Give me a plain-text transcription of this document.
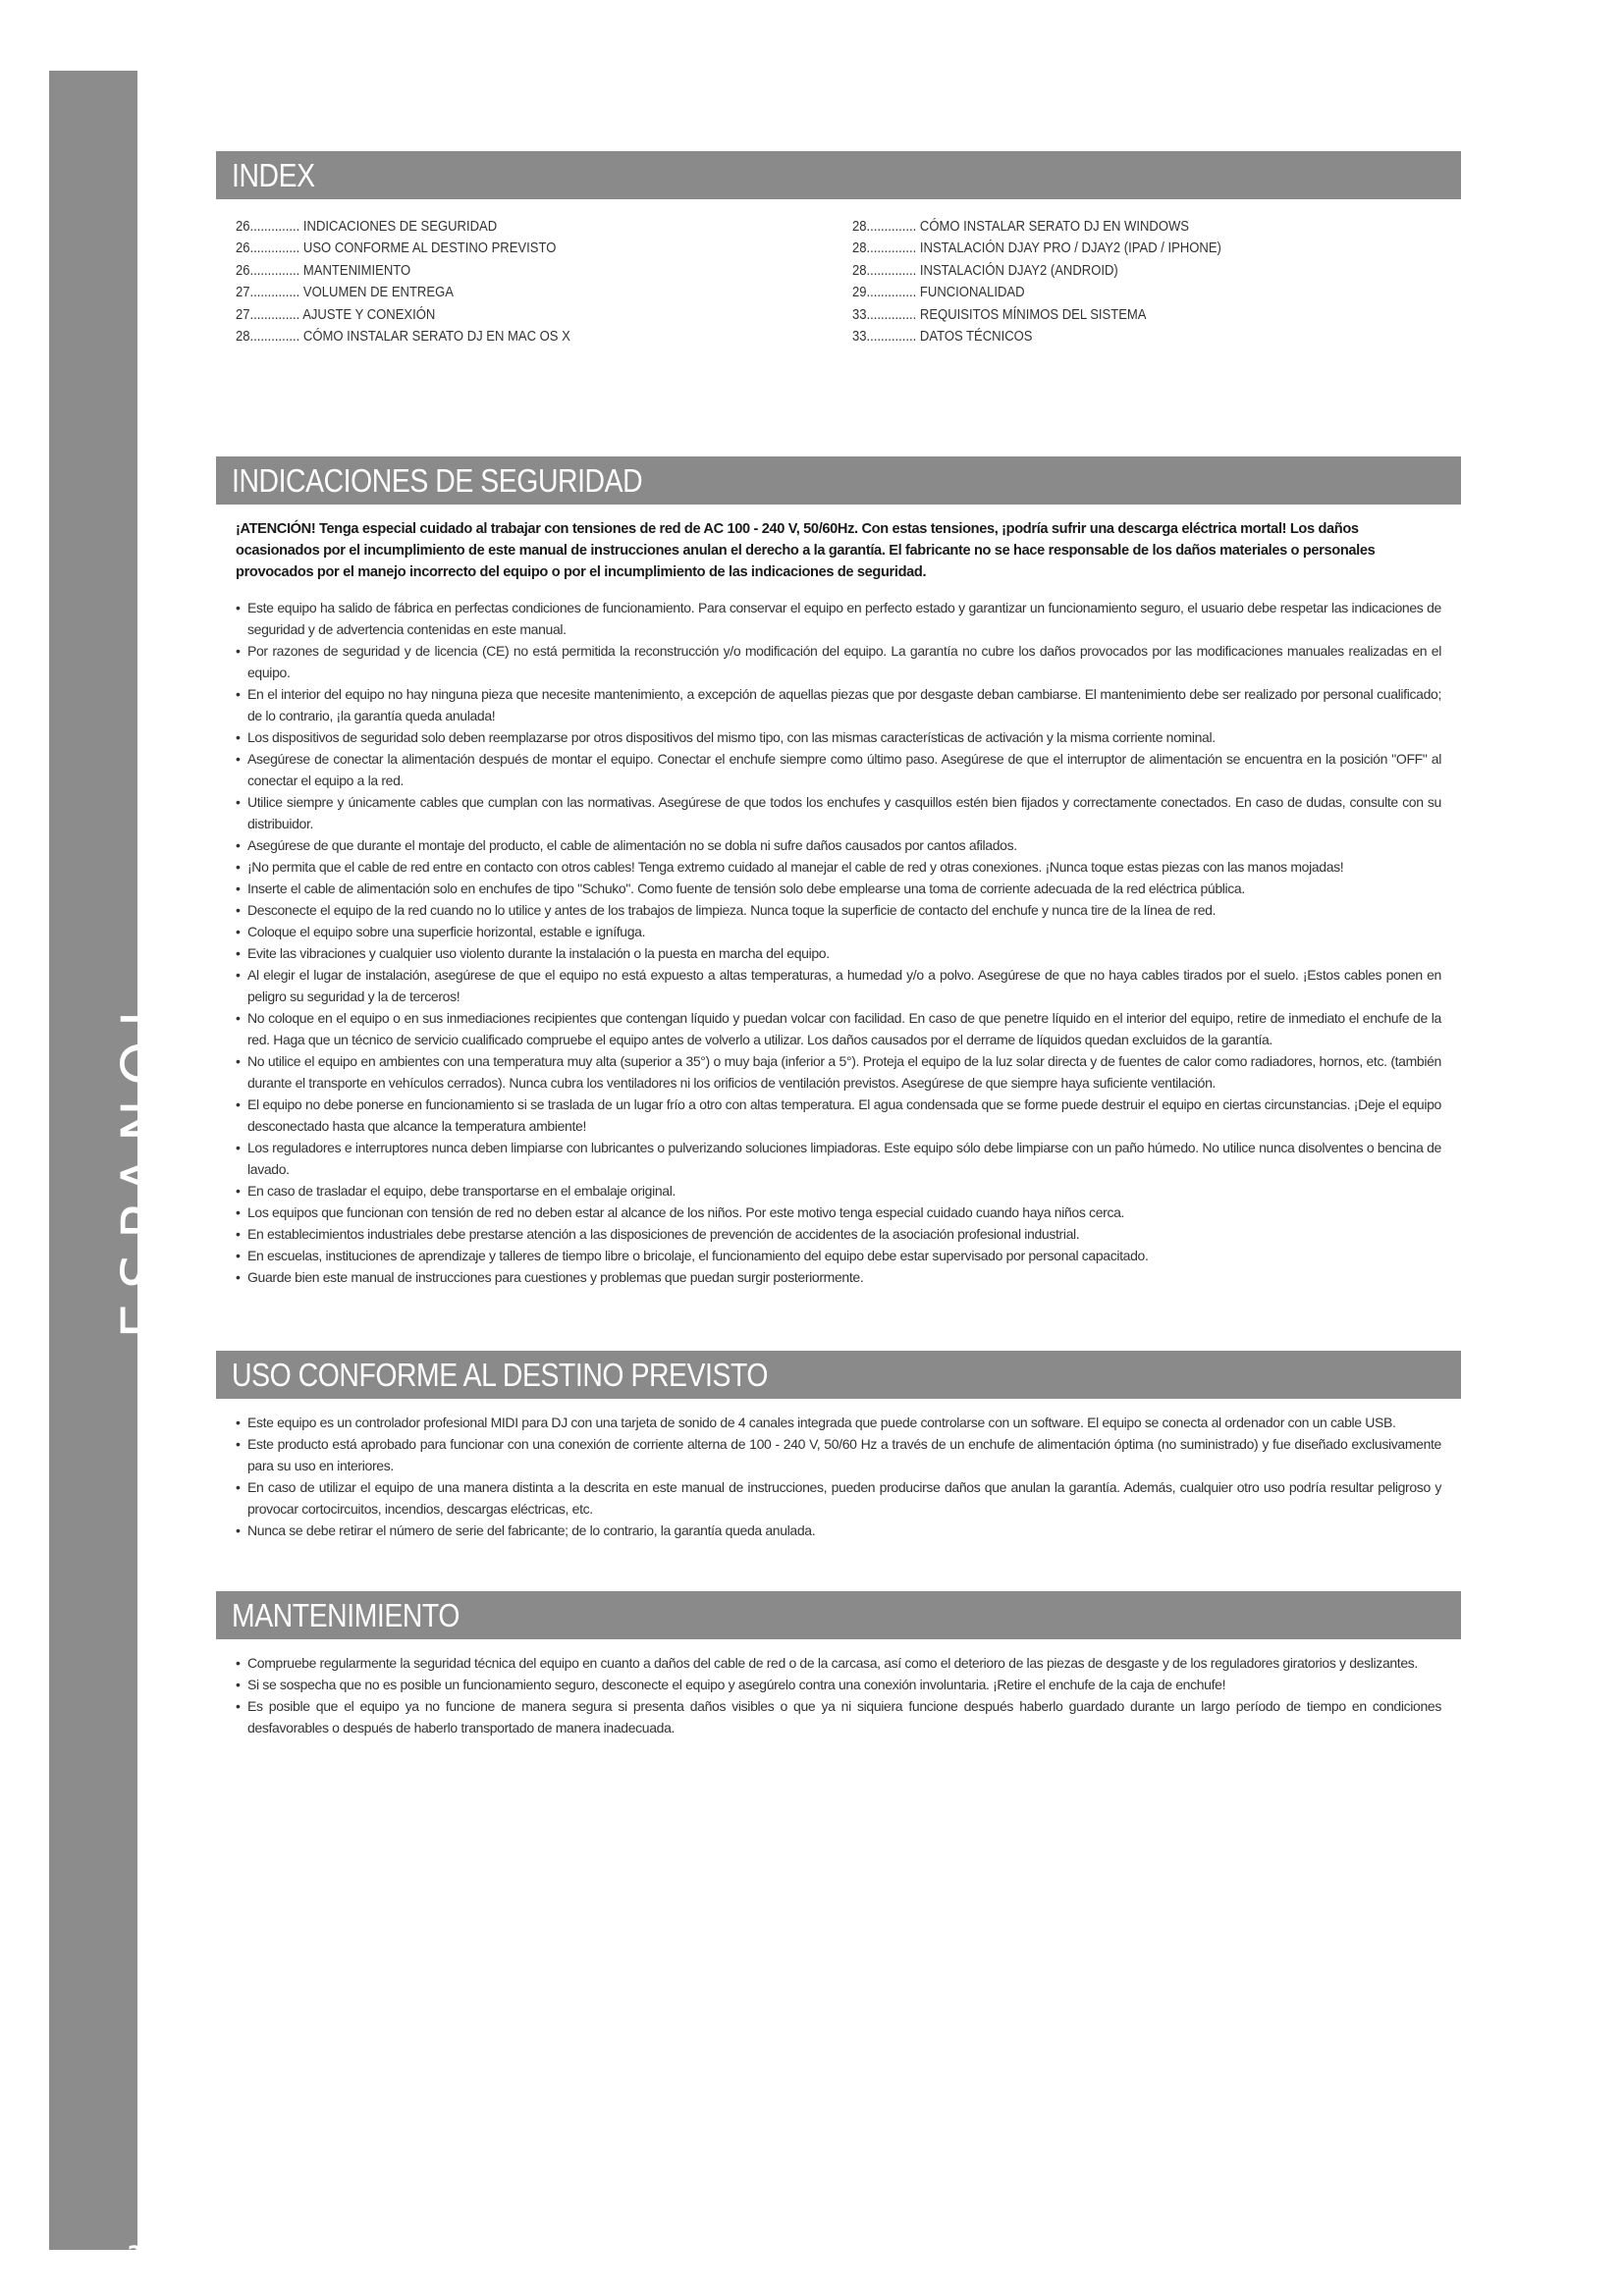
ESPANOL
26
INDEX
26.............. INDICACIONES DE SEGURIDAD
26.............. USO CONFORME AL DESTINO PREVISTO
26.............. MANTENIMIENTO
27.............. VOLUMEN DE ENTREGA
27.............. AJUSTE Y CONEXIÓN
28.............. CÓMO INSTALAR SERATO DJ EN MAC OS X
28.............. CÓMO INSTALAR SERATO DJ EN WINDOWS
28.............. INSTALACIÓN DJAY PRO / DJAY2 (IPAD / IPHONE)
28.............. INSTALACIÓN DJAY2 (ANDROID)
29.............. FUNCIONALIDAD
33.............. REQUISITOS MÍNIMOS DEL SISTEMA
33.............. DATOS TÉCNICOS
INDICACIONES DE SEGURIDAD

¡ATENCIÓN! Tenga especial cuidado al trabajar con tensiones de red de AC 100 - 240 V, 50/60Hz. Con estas tensiones, ¡podría sufrir una descarga eléctrica mortal! Los daños ocasionados por el incumplimiento de este manual de instrucciones anulan el derecho a la garantía. El fabricante no se hace responsable de los daños materiales o personales provocados por el manejo incorrecto del equipo o por el incumplimiento de las indicaciones de seguridad.

• Este equipo ha salido de fábrica en perfectas condiciones de funcionamiento. Para conservar el equipo en perfecto estado y garantizar un funcionamiento seguro, el usuario debe respetar las indicaciones de seguridad y de advertencia contenidas en este manual.
• Por razones de seguridad y de licencia (CE) no está permitida la reconstrucción y/o modificación del equipo. La garantía no cubre los daños provocados por las modificaciones manuales realizadas en el equipo.
• En el interior del equipo no hay ninguna pieza que necesite mantenimiento, a excepción de aquellas piezas que por desgaste deban cambiarse. El mantenimiento debe ser realizado por personal cualificado; de lo contrario, ¡la garantía queda anulada!
• Los dispositivos de seguridad solo deben reemplazarse por otros dispositivos del mismo tipo, con las mismas características de activación y la misma corriente nominal.
• Asegúrese de conectar la alimentación después de montar el equipo. Conectar el enchufe siempre como último paso. Asegúrese de que el interruptor de alimentación se encuentra en la posición "OFF" al conectar el equipo a la red.
• Utilice siempre y únicamente cables que cumplan con las normativas. Asegúrese de que todos los enchufes y casquillos estén bien fijados y correctamente conectados. En caso de dudas, consulte con su distribuidor.
• Asegúrese de que durante el montaje del producto, el cable de alimentación no se dobla ni sufre daños causados por cantos afilados.
• ¡No permita que el cable de red entre en contacto con otros cables! Tenga extremo cuidado al manejar el cable de red y otras conexiones. ¡Nunca toque estas piezas con las manos mojadas!
• Inserte el cable de alimentación solo en enchufes de tipo "Schuko". Como fuente de tensión solo debe emplearse una toma de corriente adecuada de la red eléctrica pública.
• Desconecte el equipo de la red cuando no lo utilice y antes de los trabajos de limpieza. Nunca toque la superficie de contacto del enchufe y nunca tire de la línea de red.
• Coloque el equipo sobre una superficie horizontal, estable e ignífuga.
• Evite las vibraciones y cualquier uso violento durante la instalación o la puesta en marcha del equipo.
• Al elegir el lugar de instalación, asegúrese de que el equipo no está expuesto a altas temperaturas, a humedad y/o a polvo. Asegúrese de que no haya cables tirados por el suelo. ¡Estos cables ponen en peligro su seguridad y la de terceros!
• No coloque en el equipo o en sus inmediaciones recipientes que contengan líquido y puedan volcar con facilidad. En caso de que penetre líquido en el interior del equipo, retire de inmediato el enchufe de la red. Haga que un técnico de servicio cualificado compruebe el equipo antes de volverlo a utilizar. Los daños causados por el derrame de líquidos quedan excluidos de la garantía.
• No utilice el equipo en ambientes con una temperatura muy alta (superior a 35°) o muy baja (inferior a 5°). Proteja el equipo de la luz solar directa y de fuentes de calor como radiadores, hornos, etc. (también durante el transporte en vehículos cerrados). Nunca cubra los ventiladores ni los orificios de ventilación previstos. Asegúrese de que siempre haya suficiente ventilación.
• El equipo no debe ponerse en funcionamiento si se traslada de un lugar frío a otro con altas temperatura. El agua condensada que se forme puede destruir el equipo en ciertas circunstancias. ¡Deje el equipo desconectado hasta que alcance la temperatura ambiente!
• Los reguladores e interruptores nunca deben limpiarse con lubricantes o pulverizando soluciones limpiadoras. Este equipo sólo debe limpiarse con un paño húmedo. No utilice nunca disolventes o bencina de lavado.
• En caso de trasladar el equipo, debe transportarse en el embalaje original.
• Los equipos que funcionan con tensión de red no deben estar al alcance de los niños. Por este motivo tenga especial cuidado cuando haya niños cerca.
• En establecimientos industriales debe prestarse atención a las disposiciones de prevención de accidentes de la asociación profesional industrial.
• En escuelas, instituciones de aprendizaje y talleres de tiempo libre o bricolaje, el funcionamiento del equipo debe estar supervisado por personal capacitado.
• Guarde bien este manual de instrucciones para cuestiones y problemas que puedan surgir posteriormente.
USO CONFORME AL DESTINO PREVISTO
• Este equipo es un controlador profesional MIDI para DJ con una tarjeta de sonido de 4 canales integrada que puede controlarse con un software. El equipo se conecta al ordenador con un cable USB.
• Este producto está aprobado para funcionar con una conexión de corriente alterna de 100 - 240 V, 50/60 Hz a través de un enchufe de alimentación óptima (no suministrado) y fue diseñado exclusivamente para su uso en interiores.
• En caso de utilizar el equipo de una manera distinta a la descrita en este manual de instrucciones, pueden producirse daños que anulan la garantía. Además, cualquier otro uso podría resultar peligroso y provocar cortocircuitos, incendios, descargas eléctricas, etc.
• Nunca se debe retirar el número de serie del fabricante; de lo contrario, la garantía queda anulada.
MANTENIMIENTO
• Compruebe regularmente la seguridad técnica del equipo en cuanto a daños del cable de red o de la carcasa, así como el deterioro de las piezas de desgaste y de los reguladores giratorios y deslizantes.
• Si se sospecha que no es posible un funcionamiento seguro, desconecte el equipo y asegúrelo contra una conexión involuntaria. ¡Retire el enchufe de la caja de enchufe!
• Es posible que el equipo ya no funcione de manera segura si presenta daños visibles o que ya ni siquiera funcione después haberlo guardado durante un largo período de tiempo en condiciones desfavorables o después de haberlo transportado de manera inadecuada.
